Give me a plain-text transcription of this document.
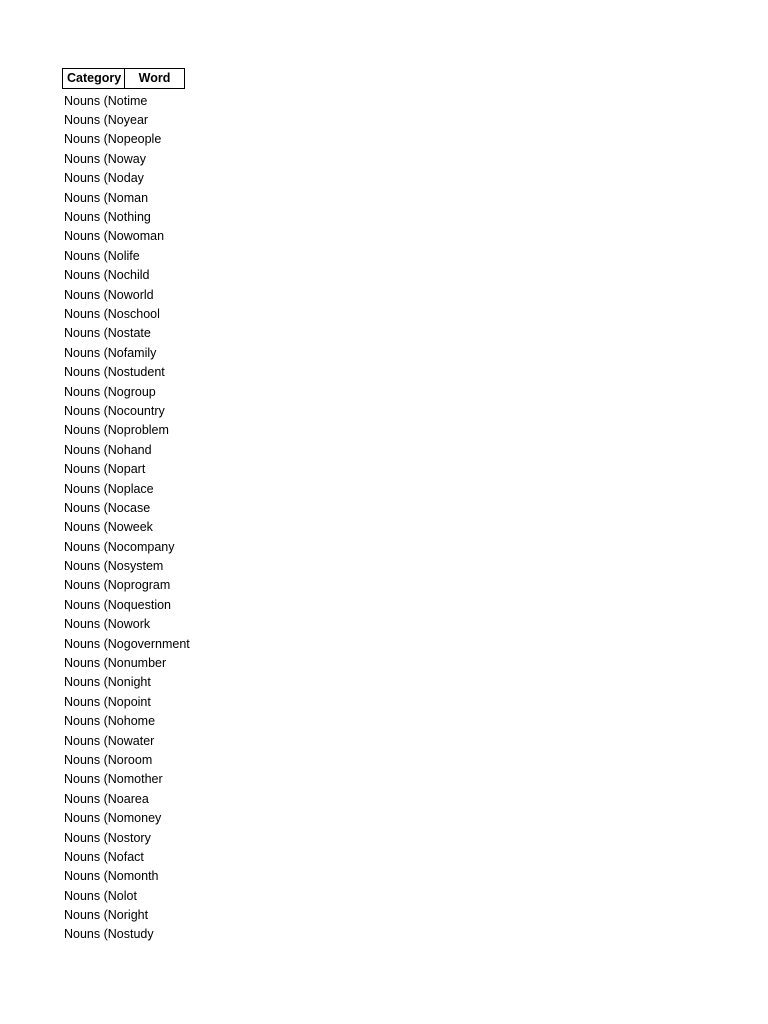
Category	Word
Nouns (No time
Nouns (No year
Nouns (No people
Nouns (No way
Nouns (No day
Nouns (No man
Nouns (No thing
Nouns (No woman
Nouns (No life
Nouns (No child
Nouns (No world
Nouns (No school
Nouns (No state
Nouns (No family
Nouns (No student
Nouns (No group
Nouns (No country
Nouns (No problem
Nouns (No hand
Nouns (No part
Nouns (No place
Nouns (No case
Nouns (No week
Nouns (No company
Nouns (No system
Nouns (No program
Nouns (No question
Nouns (No work
Nouns (No government
Nouns (No number
Nouns (No night
Nouns (No point
Nouns (No home
Nouns (No water
Nouns (No room
Nouns (No mother
Nouns (No area
Nouns (No money
Nouns (No story
Nouns (No fact
Nouns (No month
Nouns (No lot
Nouns (No right
Nouns (No study
